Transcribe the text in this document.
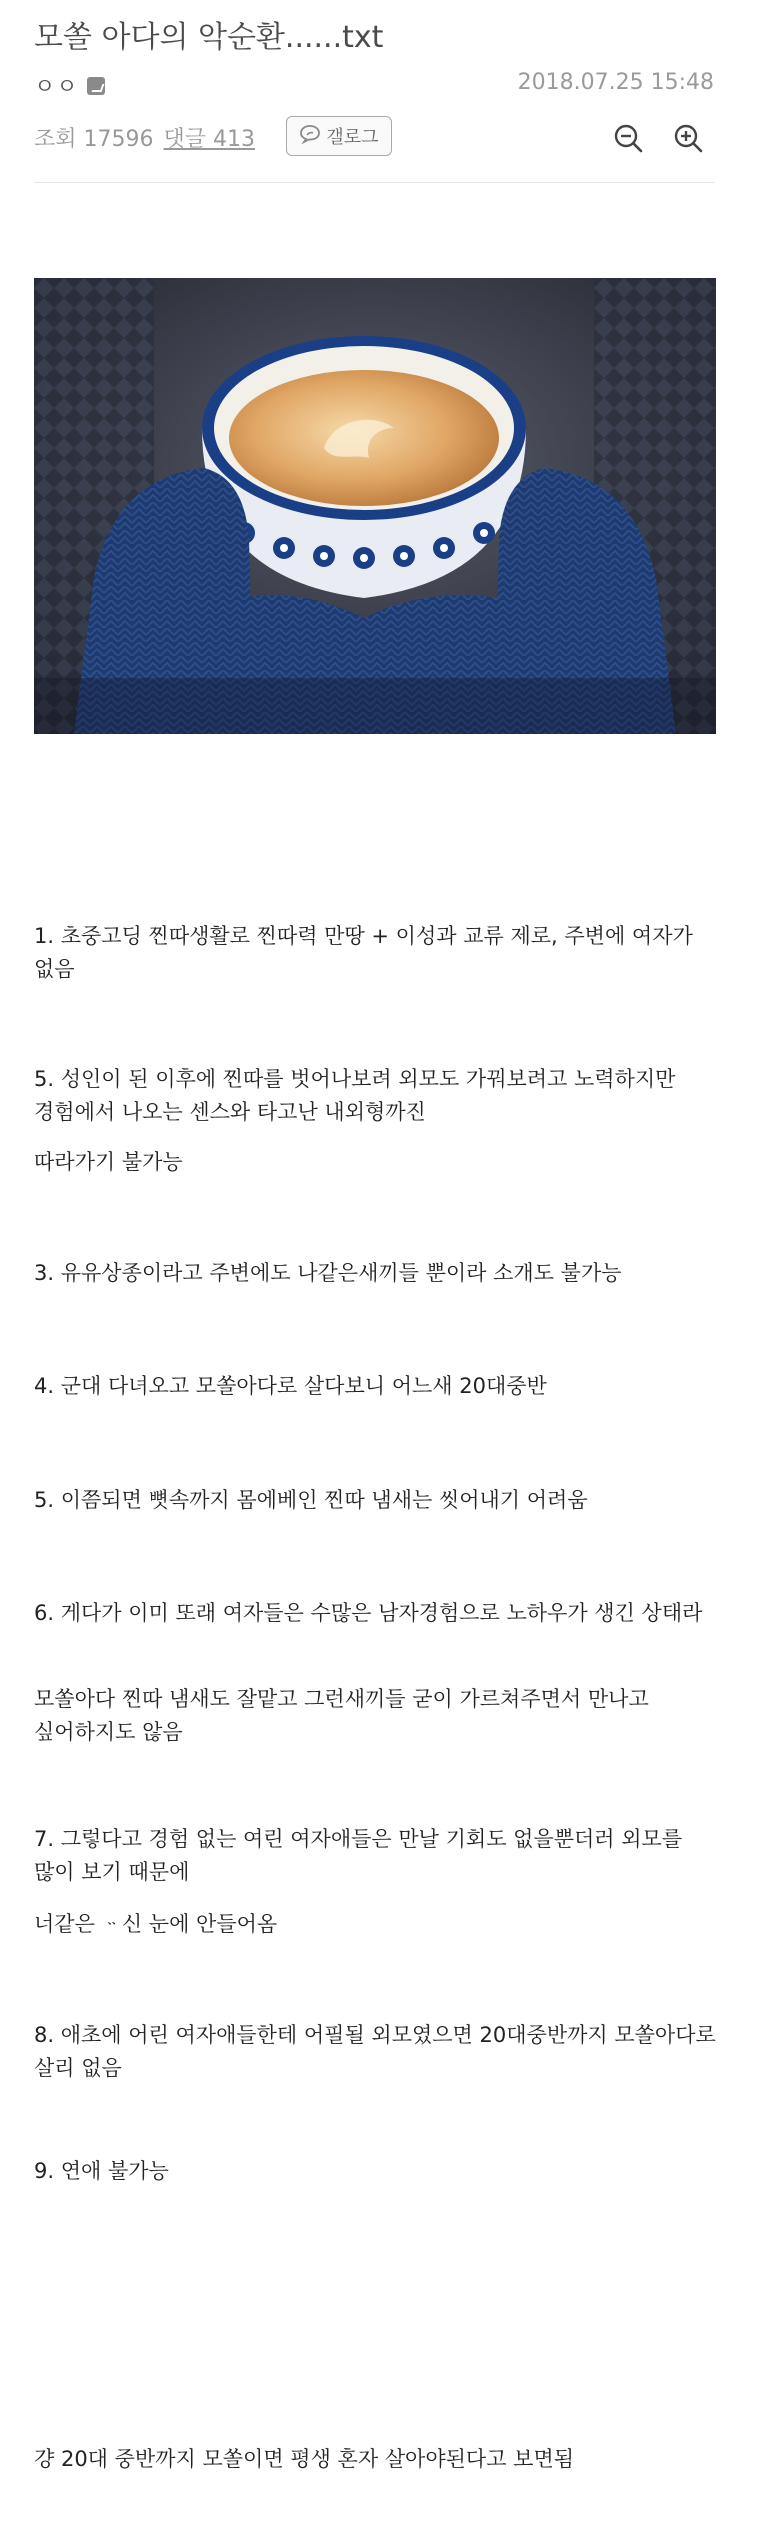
모쏠 아다의 악순환......txt
ㅇㅇ	2018.07.25 15:48
조회 17596 댓글 413	갤로그
1. 초중고딩 찐따생활로 찐따력 만땅 + 이성과 교류 제로, 주변에 여자가 없음
5. 성인이 된 이후에 찐따를 벗어나보려 외모도 가꿔보려고 노력하지만 경험에서 나오는 센스와 타고난 내외형까진
따라가기 불가능
3. 유유상종이라고 주변에도 나같은새끼들 뿐이라 소개도 불가능
4. 군대 다녀오고 모쏠아다로 살다보니 어느새 20대중반
5. 이쯤되면 뼛속까지 몸에베인 찐따 냄새는 씻어내기 어려움
6. 게다가 이미 또래 여자들은 수많은 남자경험으로 노하우가 생긴 상태라
모쏠아다 찐따 냄새도 잘맡고 그런새끼들 굳이 가르쳐주면서 만나고 싶어하지도 않음
7. 그렇다고 경험 없는 여린 여자애들은 만날 기회도 없을뿐더러 외모를 많이 보기 때문에
너같은 ᆢ신 눈에 안들어옴
8. 애초에 어린 여자애들한테 어필될 외모였으면 20대중반까지 모쏠아다로 살리 없음
9. 연애 불가능
걍 20대 중반까지 모쏠이면 평생 혼자 살아야된다고 보면됨
